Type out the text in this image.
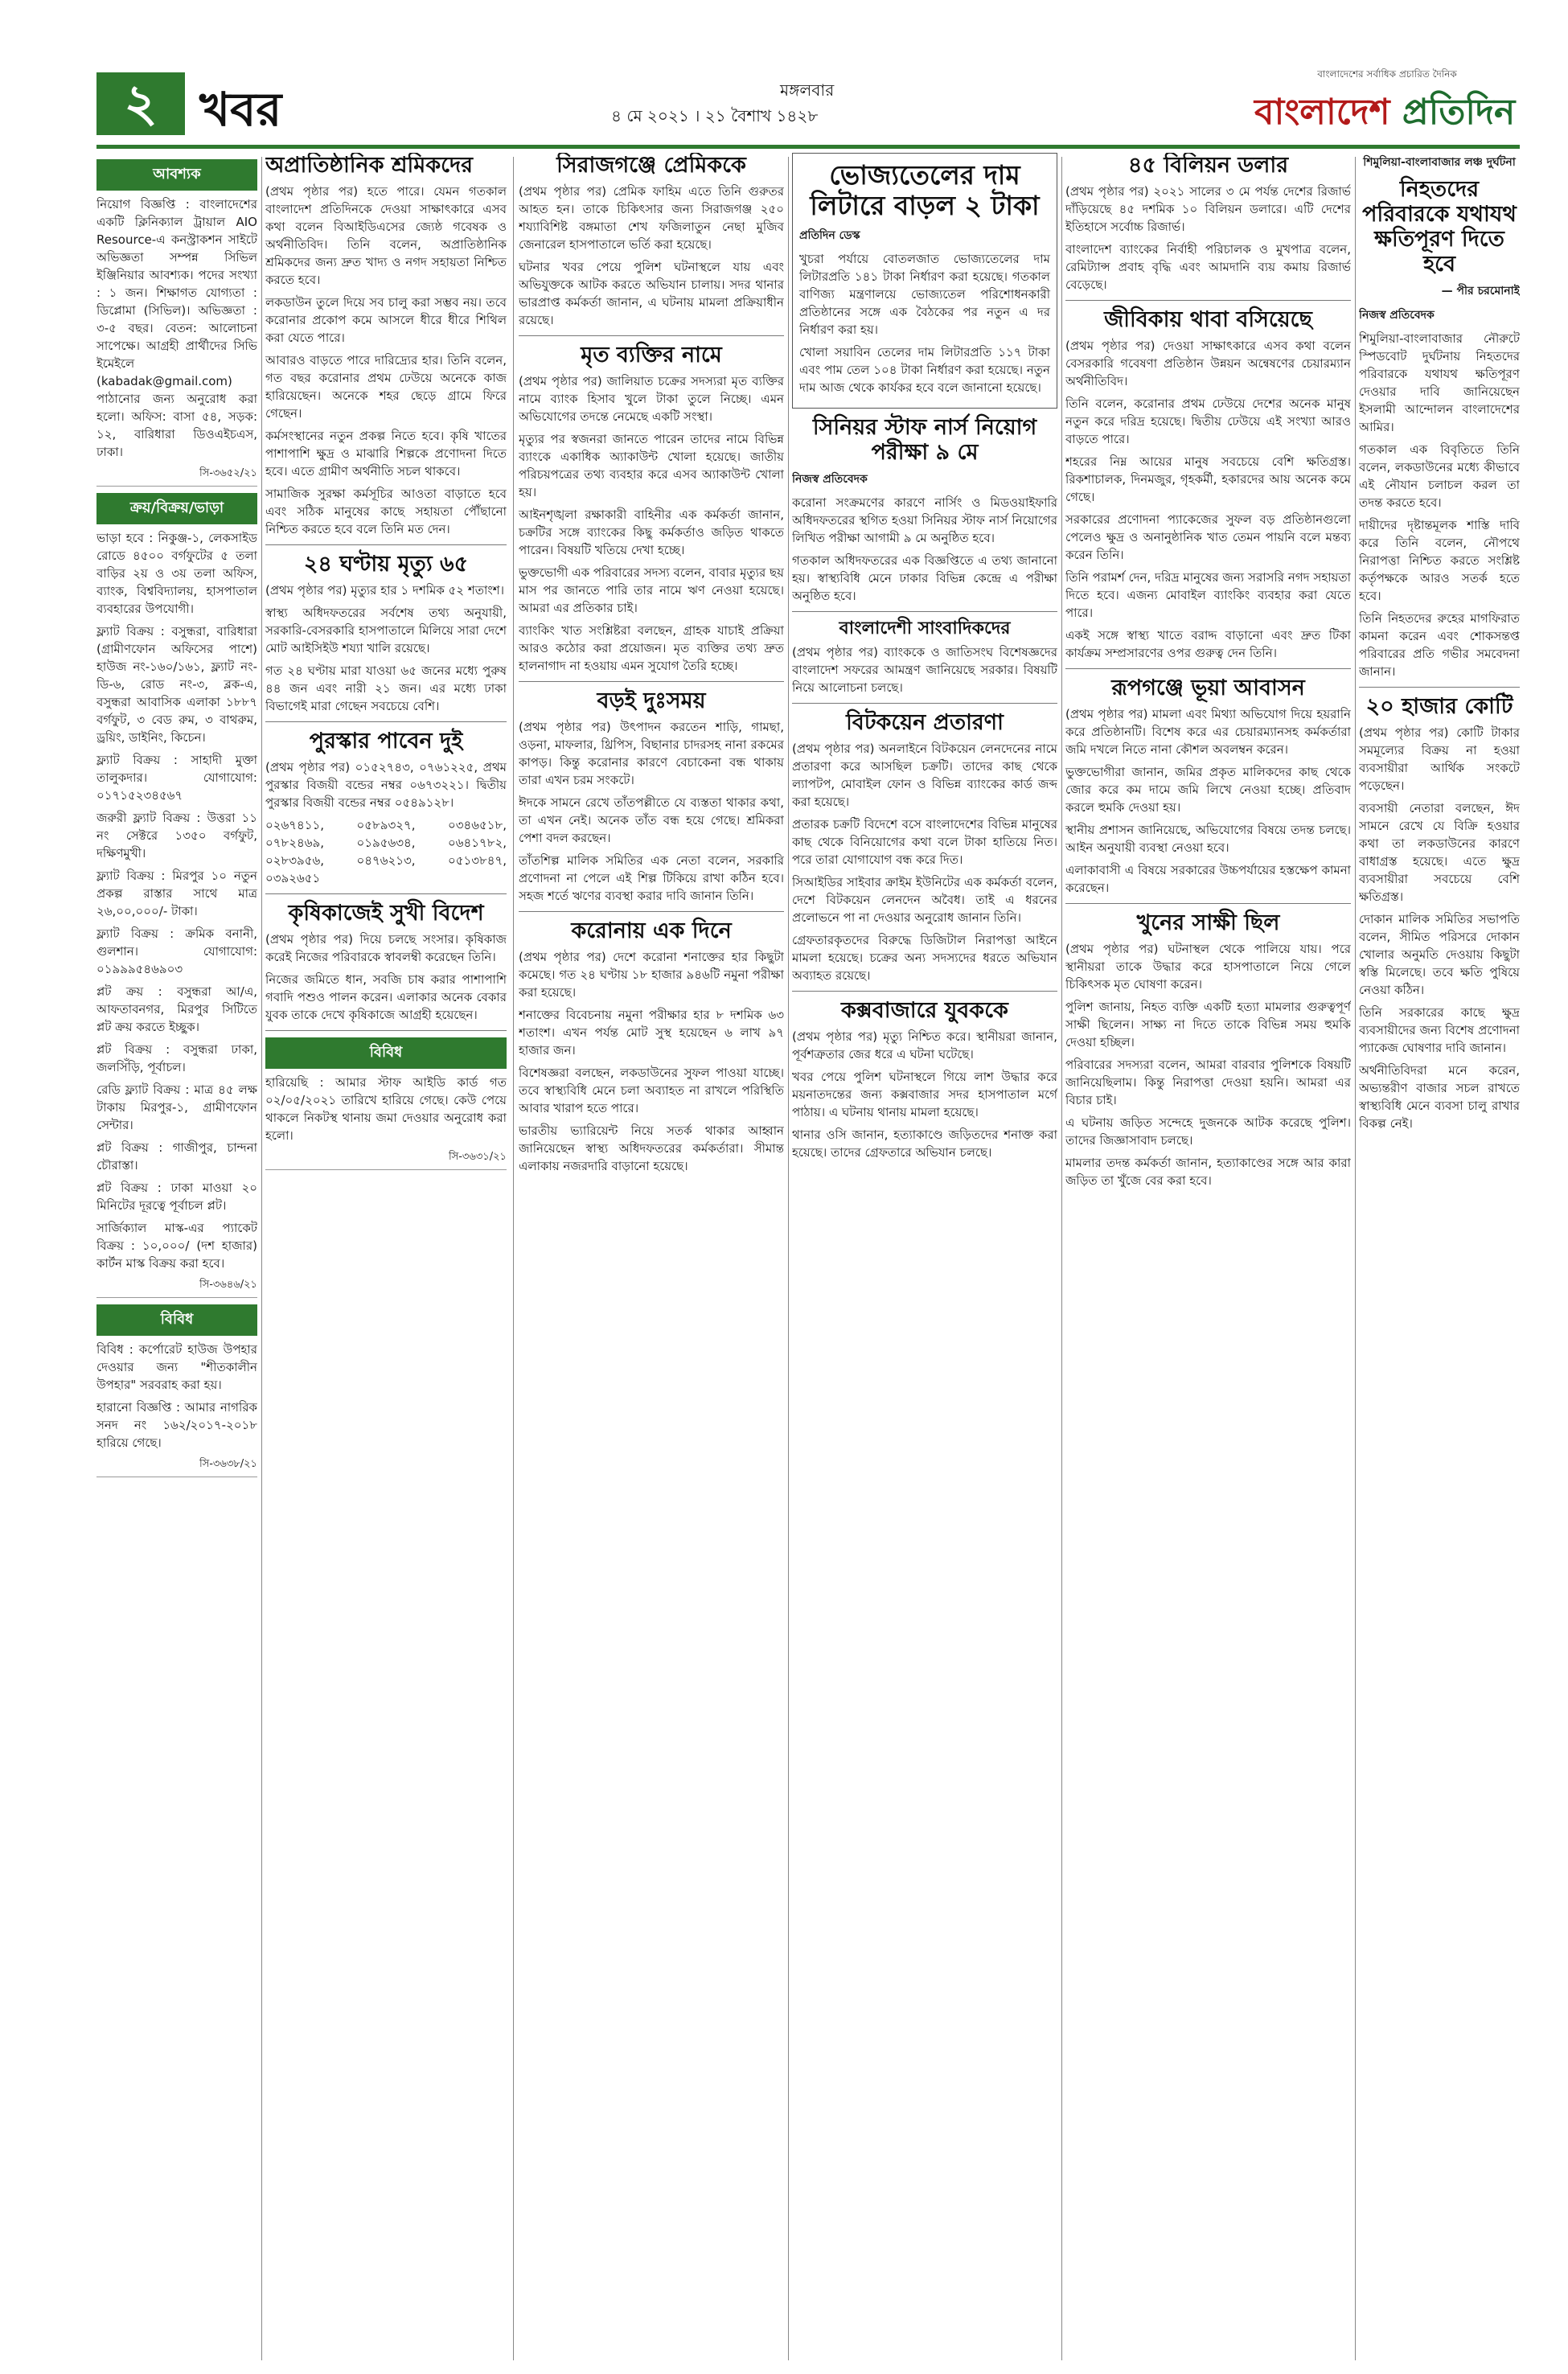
২ খবর	মঙ্গলবার
৪ মে ২০২১ । ২১ বৈশাখ ১৪২৮
বাংলাদেশের সর্বাধিক প্রচারিত দৈনিক
বাংলাদেশ প্রতিদিন
আবশ্যক

নিয়োগ বিজ্ঞপ্তি : বাংলাদেশের একটি ক্লিনিক্যাল ট্রায়াল AIO Resource-এ কনস্ট্রাকশন সাইটে অভিজ্ঞতা সম্পন্ন সিভিল ইঞ্জিনিয়ার আবশ্যক। পদের সংখ্যা : ১ জন। শিক্ষাগত যোগ্যতা : ডিপ্লোমা (সিভিল)। অভিজ্ঞতা : ৩-৫ বছর। বেতন: আলোচনা সাপেক্ষে। আগ্রহী প্রার্থীদের সিভি ইমেইলে (kabadak@gmail.com) পাঠানোর জন্য অনুরোধ করা হলো। অফিস: বাসা ৫৪, সড়ক: ১২, বারিধারা ডিওএইচএস, ঢাকা।

সি-৩৬৫২/২১
ক্রয়/বিক্রয়/ভাড়া

ভাড়া হবে : নিকুঞ্জ-১, লেকসাইড রোডে ৪৫০০ বর্গফুটের ৫ তলা বাড়ির ২য় ও ৩য় তলা অফিস, ব্যাংক, বিশ্ববিদ্যালয়, হাসপাতাল ব্যবহারের উপযোগী।

ফ্ল্যাট বিক্রয় : বসুন্ধরা, বারিধারা (গ্রামীণফোন অফিসের পাশে) হাউজ নং-১৬০/১৬১, ফ্ল্যাট নং-ডি-৬, রোড নং-৩, ব্লক-এ, বসুন্ধরা আবাসিক এলাকা ১৮৮৭ বর্গফুট, ৩ বেড রুম, ৩ বাথরুম, ড্রয়িং, ডাইনিং, কিচেন।

ফ্ল্যাট বিক্রয় : সাহাদী মুক্তা তালুকদার। যোগাযোগ: ০১৭১৫২৩৪৫৬৭

জরুরী ফ্ল্যাট বিক্রয় : উত্তরা ১১ নং সেক্টরে ১৩৫০ বর্গফুট, দক্ষিণমুখী।

ফ্ল্যাট বিক্রয় : মিরপুর ১০ নতুন প্রকল্প রাস্তার সাথে মাত্র ২৬,০০,০০০/- টাকা।

ফ্ল্যাট বিক্রয় : ক্রমিক বনানী, গুলশান। যোগাযোগ: ০১৯৯৯৫৪৬৯০৩

প্লট ক্রয় : বসুন্ধরা আ/এ, আফতাবনগর, মিরপুর সিটিতে প্লট ক্রয় করতে ইচ্ছুক।

প্লট বিক্রয় : বসুন্ধরা ঢাকা, জলসিঁড়ি, পূর্বাচল।

রেডি ফ্ল্যাট বিক্রয় : মাত্র ৪৫ লক্ষ টাকায় মিরপুর-১, গ্রামীণফোন সেন্টার।

প্লট বিক্রয় : গাজীপুর, চান্দনা চৌরাস্তা।

প্লট বিক্রয় : ঢাকা মাওয়া ২০ মিনিটের দূরত্বে পূর্বাচল প্লট।

সার্জিক্যাল মাস্ক-এর প্যাকেট বিক্রয় : ১০,০০০/ (দশ হাজার) কার্টন মাস্ক বিক্রয় করা হবে।

সি-৩৬৪৬/২১
বিবিধ

বিবিধ : কর্পোরেট হাউজ উপহার দেওয়ার জন্য "শীতকালীন উপহার" সরবরাহ করা হয়।

হারানো বিজ্ঞপ্তি : আমার নাগরিক সনদ নং ১৬২/২০১৭-২০১৮ হারিয়ে গেছে।

সি-৩৬৩৮/২১
অপ্রাতিষ্ঠানিক শ্রমিকদের

(প্রথম পৃষ্ঠার পর) হতে পারে। যেমন গতকাল বাংলাদেশ প্রতিদিনকে দেওয়া সাক্ষাৎকারে এসব কথা বলেন বিআইডিএসের জ্যেষ্ঠ গবেষক ও অর্থনীতিবিদ। তিনি বলেন, অপ্রাতিষ্ঠানিক শ্রমিকদের জন্য দ্রুত খাদ্য ও নগদ সহায়তা নিশ্চিত করতে হবে।

লকডাউন তুলে দিয়ে সব চালু করা সম্ভব নয়। তবে করোনার প্রকোপ কমে আসলে ধীরে ধীরে শিথিল করা যেতে পারে।

আবারও বাড়তে পারে দারিদ্র্যের হার। তিনি বলেন, গত বছর করোনার প্রথম ঢেউয়ে অনেকে কাজ হারিয়েছেন। অনেকে শহর ছেড়ে গ্রামে ফিরে গেছেন।

কর্মসংস্থানের নতুন প্রকল্প নিতে হবে। কৃষি খাতের পাশাপাশি ক্ষুদ্র ও মাঝারি শিল্পকে প্রণোদনা দিতে হবে। এতে গ্রামীণ অর্থনীতি সচল থাকবে।

সামাজিক সুরক্ষা কর্মসূচির আওতা বাড়াতে হবে এবং সঠিক মানুষের কাছে সহায়তা পৌঁছানো নিশ্চিত করতে হবে বলে তিনি মত দেন।

২৪ ঘণ্টায় মৃত্যু ৬৫

(প্রথম পৃষ্ঠার পর) মৃত্যুর হার ১ দশমিক ৫২ শতাংশ।

স্বাস্থ্য অধিদফতরের সর্বশেষ তথ্য অনুযায়ী, সরকারি-বেসরকারি হাসপাতালে মিলিয়ে সারা দেশে মোট আইসিইউ শয্যা খালি রয়েছে।

গত ২৪ ঘণ্টায় মারা যাওয়া ৬৫ জনের মধ্যে পুরুষ ৪৪ জন এবং নারী ২১ জন। এর মধ্যে ঢাকা বিভাগেই মারা গেছেন সবচেয়ে বেশি।

পুরস্কার পাবেন দুই

(প্রথম পৃষ্ঠার পর) ০১৫২৭৪৩, ০৭৬১২২৫, প্রথম পুরস্কার বিজয়ী বন্ডের নম্বর ০৬৭৩২২১। দ্বিতীয় পুরস্কার বিজয়ী বন্ডের নম্বর ০৫৪৯১২৮।

০২৬৭৪১১, ০৫৮৯৩২৭, ০৩৪৬৫১৮, ০৭৮২৪৬৯, ০১৯৫৬৩৪, ০৬৪১৭৮২, ০২৮৩৯৫৬, ০৪৭৬২১৩, ০৫১৩৮৪৭, ০৩৯২৬৫১

কৃষিকাজেই সুখী বিদেশ

(প্রথম পৃষ্ঠার পর) দিয়ে চলছে সংসার। কৃষিকাজ করেই নিজের পরিবারকে স্বাবলম্বী করেছেন তিনি।

নিজের জমিতে ধান, সবজি চাষ করার পাশাপাশি গবাদি পশুও পালন করেন। এলাকার অনেক বেকার যুবক তাকে দেখে কৃষিকাজে আগ্রহী হয়েছেন।

বিবিধ

হারিয়েছি : আমার স্টাফ আইডি কার্ড গত ০২/০৫/২০২১ তারিখে হারিয়ে গেছে। কেউ পেয়ে থাকলে নিকটস্থ থানায় জমা দেওয়ার অনুরোধ করা হলো।

সি-৩৬৩১/২১
সিরাজগঞ্জে প্রেমিককে

(প্রথম পৃষ্ঠার পর) প্রেমিক ফাহিম এতে তিনি গুরুতর আহত হন। তাকে চিকিৎসার জন্য সিরাজগঞ্জ ২৫০ শয্যাবিশিষ্ট বঙ্গমাতা শেখ ফজিলাতুন নেছা মুজিব জেনারেল হাসপাতালে ভর্তি করা হয়েছে।

ঘটনার খবর পেয়ে পুলিশ ঘটনাস্থলে যায় এবং অভিযুক্তকে আটক করতে অভিযান চালায়। সদর থানার ভারপ্রাপ্ত কর্মকর্তা জানান, এ ঘটনায় মামলা প্রক্রিয়াধীন রয়েছে।

মৃত ব্যক্তির নামে

(প্রথম পৃষ্ঠার পর) জালিয়াত চক্রের সদস্যরা মৃত ব্যক্তির নামে ব্যাংক হিসাব খুলে টাকা তুলে নিচ্ছে। এমন অভিযোগের তদন্তে নেমেছে একটি সংস্থা।

মৃত্যুর পর স্বজনরা জানতে পারেন তাদের নামে বিভিন্ন ব্যাংকে একাধিক অ্যাকাউন্ট খোলা হয়েছে। জাতীয় পরিচয়পত্রের তথ্য ব্যবহার করে এসব অ্যাকাউন্ট খোলা হয়।

আইনশৃঙ্খলা রক্ষাকারী বাহিনীর এক কর্মকর্তা জানান, চক্রটির সঙ্গে ব্যাংকের কিছু কর্মকর্তাও জড়িত থাকতে পারেন। বিষয়টি খতিয়ে দেখা হচ্ছে।

ভুক্তভোগী এক পরিবারের সদস্য বলেন, বাবার মৃত্যুর ছয় মাস পর জানতে পারি তার নামে ঋণ নেওয়া হয়েছে। আমরা এর প্রতিকার চাই।

ব্যাংকিং খাত সংশ্লিষ্টরা বলছেন, গ্রাহক যাচাই প্রক্রিয়া আরও কঠোর করা প্রয়োজন। মৃত ব্যক্তির তথ্য দ্রুত হালনাগাদ না হওয়ায় এমন সুযোগ তৈরি হচ্ছে।

বড়ই দুঃসময়

(প্রথম পৃষ্ঠার পর) উৎপাদন করতেন শাড়ি, গামছা, ওড়না, মাফলার, থ্রিপিস, বিছানার চাদরসহ নানা রকমের কাপড়। কিন্তু করোনার কারণে বেচাকেনা বন্ধ থাকায় তারা এখন চরম সংকটে।

ঈদকে সামনে রেখে তাঁতপল্লীতে যে ব্যস্ততা থাকার কথা, তা এখন নেই। অনেক তাঁত বন্ধ হয়ে গেছে। শ্রমিকরা পেশা বদল করছেন।

তাঁতশিল্প মালিক সমিতির এক নেতা বলেন, সরকারি প্রণোদনা না পেলে এই শিল্প টিকিয়ে রাখা কঠিন হবে। সহজ শর্তে ঋণের ব্যবস্থা করার দাবি জানান তিনি।

করোনায় এক দিনে

(প্রথম পৃষ্ঠার পর) দেশে করোনা শনাক্তের হার কিছুটা কমেছে। গত ২৪ ঘণ্টায় ১৮ হাজার ৯৪৬টি নমুনা পরীক্ষা করা হয়েছে।

শনাক্তের বিবেচনায় নমুনা পরীক্ষার হার ৮ দশমিক ৬৩ শতাংশ। এখন পর্যন্ত মোট সুস্থ হয়েছেন ৬ লাখ ৯৭ হাজার জন।

বিশেষজ্ঞরা বলছেন, লকডাউনের সুফল পাওয়া যাচ্ছে। তবে স্বাস্থ্যবিধি মেনে চলা অব্যাহত না রাখলে পরিস্থিতি আবার খারাপ হতে পারে।

ভারতীয় ভ্যারিয়েন্ট নিয়ে সতর্ক থাকার আহ্বান জানিয়েছেন স্বাস্থ্য অধিদফতরের কর্মকর্তারা। সীমান্ত এলাকায় নজরদারি বাড়ানো হয়েছে।

ভোজ্যতেলের দাম লিটারে বাড়ল ২ টাকা
প্রতিদিন ডেস্ক

খুচরা পর্যায়ে বোতলজাত ভোজ্যতেলের দাম লিটারপ্রতি ১৪১ টাকা নির্ধারণ করা হয়েছে। গতকাল বাণিজ্য মন্ত্রণালয়ে ভোজ্যতেল পরিশোধনকারী প্রতিষ্ঠানের সঙ্গে এক বৈঠকের পর নতুন এ দর নির্ধারণ করা হয়।

খোলা সয়াবিন তেলের দাম লিটারপ্রতি ১১৭ টাকা এবং পাম তেল ১০৪ টাকা নির্ধারণ করা হয়েছে। নতুন দাম আজ থেকে কার্যকর হবে বলে জানানো হয়েছে।

সিনিয়র স্টাফ নার্স নিয়োগ পরীক্ষা ৯ মে
নিজস্ব প্রতিবেদক

করোনা সংক্রমণের কারণে নার্সিং ও মিডওয়াইফারি অধিদফতরের স্থগিত হওয়া সিনিয়র স্টাফ নার্স নিয়োগের লিখিত পরীক্ষা আগামী ৯ মে অনুষ্ঠিত হবে।

গতকাল অধিদফতরের এক বিজ্ঞপ্তিতে এ তথ্য জানানো হয়। স্বাস্থ্যবিধি মেনে ঢাকার বিভিন্ন কেন্দ্রে এ পরীক্ষা অনুষ্ঠিত হবে।

বাংলাদেশী সাংবাদিকদের

(প্রথম পৃষ্ঠার পর) ব্যাংককে ও জাতিসংঘ বিশেষজ্ঞদের বাংলাদেশ সফরের আমন্ত্রণ জানিয়েছে সরকার। বিষয়টি নিয়ে আলোচনা চলছে।

বিটকয়েন প্রতারণা

(প্রথম পৃষ্ঠার পর) অনলাইনে বিটকয়েন লেনদেনের নামে প্রতারণা করে আসছিল চক্রটি। তাদের কাছ থেকে ল্যাপটপ, মোবাইল ফোন ও বিভিন্ন ব্যাংকের কার্ড জব্দ করা হয়েছে।

প্রতারক চক্রটি বিদেশে বসে বাংলাদেশের বিভিন্ন মানুষের কাছ থেকে বিনিয়োগের কথা বলে টাকা হাতিয়ে নিত। পরে তারা যোগাযোগ বন্ধ করে দিত।

সিআইডির সাইবার ক্রাইম ইউনিটের এক কর্মকর্তা বলেন, দেশে বিটকয়েন লেনদেন অবৈধ। তাই এ ধরনের প্রলোভনে পা না দেওয়ার অনুরোধ জানান তিনি।

গ্রেফতারকৃতদের বিরুদ্ধে ডিজিটাল নিরাপত্তা আইনে মামলা হয়েছে। চক্রের অন্য সদস্যদের ধরতে অভিযান অব্যাহত রয়েছে।

কক্সবাজারে যুবককে

(প্রথম পৃষ্ঠার পর) মৃত্যু নিশ্চিত করে। স্থানীয়রা জানান, পূর্বশত্রুতার জের ধরে এ ঘটনা ঘটেছে।

খবর পেয়ে পুলিশ ঘটনাস্থলে গিয়ে লাশ উদ্ধার করে ময়নাতদন্তের জন্য কক্সবাজার সদর হাসপাতাল মর্গে পাঠায়। এ ঘটনায় থানায় মামলা হয়েছে।

থানার ওসি জানান, হত্যাকাণ্ডে জড়িতদের শনাক্ত করা হয়েছে। তাদের গ্রেফতারে অভিযান চলছে।

৪৫ বিলিয়ন ডলার

(প্রথম পৃষ্ঠার পর) ২০২১ সালের ৩ মে পর্যন্ত দেশের রিজার্ভ দাঁড়িয়েছে ৪৫ দশমিক ১০ বিলিয়ন ডলারে। এটি দেশের ইতিহাসে সর্বোচ্চ রিজার্ভ।

বাংলাদেশ ব্যাংকের নির্বাহী পরিচালক ও মুখপাত্র বলেন, রেমিট্যান্স প্রবাহ বৃদ্ধি এবং আমদানি ব্যয় কমায় রিজার্ভ বেড়েছে।

জীবিকায় থাবা বসিয়েছে

(প্রথম পৃষ্ঠার পর) দেওয়া সাক্ষাৎকারে এসব কথা বলেন বেসরকারি গবেষণা প্রতিষ্ঠান উন্নয়ন অন্বেষণের চেয়ারম্যান অর্থনীতিবিদ।

তিনি বলেন, করোনার প্রথম ঢেউয়ে দেশের অনেক মানুষ নতুন করে দরিদ্র হয়েছে। দ্বিতীয় ঢেউয়ে এই সংখ্যা আরও বাড়তে পারে।

শহরের নিম্ন আয়ের মানুষ সবচেয়ে বেশি ক্ষতিগ্রস্ত। রিকশাচালক, দিনমজুর, গৃহকর্মী, হকারদের আয় অনেক কমে গেছে।

সরকারের প্রণোদনা প্যাকেজের সুফল বড় প্রতিষ্ঠানগুলো পেলেও ক্ষুদ্র ও অনানুষ্ঠানিক খাত তেমন পায়নি বলে মন্তব্য করেন তিনি।

তিনি পরামর্শ দেন, দরিদ্র মানুষের জন্য সরাসরি নগদ সহায়তা দিতে হবে। এজন্য মোবাইল ব্যাংকিং ব্যবহার করা যেতে পারে।

একই সঙ্গে স্বাস্থ্য খাতে বরাদ্দ বাড়ানো এবং দ্রুত টিকা কার্যক্রম সম্প্রসারণের ওপর গুরুত্ব দেন তিনি।

রূপগঞ্জে ভূয়া আবাসন

(প্রথম পৃষ্ঠার পর) মামলা এবং মিথ্যা অভিযোগ দিয়ে হয়রানি করে প্রতিষ্ঠানটি। বিশেষ করে এর চেয়ারম্যানসহ কর্মকর্তারা জমি দখলে নিতে নানা কৌশল অবলম্বন করেন।

ভুক্তভোগীরা জানান, জমির প্রকৃত মালিকদের কাছ থেকে জোর করে কম দামে জমি লিখে নেওয়া হচ্ছে। প্রতিবাদ করলে হুমকি দেওয়া হয়।

স্থানীয় প্রশাসন জানিয়েছে, অভিযোগের বিষয়ে তদন্ত চলছে। আইন অনুযায়ী ব্যবস্থা নেওয়া হবে।

এলাকাবাসী এ বিষয়ে সরকারের উচ্চপর্যায়ের হস্তক্ষেপ কামনা করেছেন।

খুনের সাক্ষী ছিল

(প্রথম পৃষ্ঠার পর) ঘটনাস্থল থেকে পালিয়ে যায়। পরে স্থানীয়রা তাকে উদ্ধার করে হাসপাতালে নিয়ে গেলে চিকিৎসক মৃত ঘোষণা করেন।

পুলিশ জানায়, নিহত ব্যক্তি একটি হত্যা মামলার গুরুত্বপূর্ণ সাক্ষী ছিলেন। সাক্ষ্য না দিতে তাকে বিভিন্ন সময় হুমকি দেওয়া হচ্ছিল।

পরিবারের সদস্যরা বলেন, আমরা বারবার পুলিশকে বিষয়টি জানিয়েছিলাম। কিন্তু নিরাপত্তা দেওয়া হয়নি। আমরা এর বিচার চাই।

এ ঘটনায় জড়িত সন্দেহে দুজনকে আটক করেছে পুলিশ। তাদের জিজ্ঞাসাবাদ চলছে।

মামলার তদন্ত কর্মকর্তা জানান, হত্যাকাণ্ডের সঙ্গে আর কারা জড়িত তা খুঁজে বের করা হবে।

শিমুলিয়া-বাংলাবাজার লঞ্চ দুর্ঘটনা
নিহতদের পরিবারকে যথাযথ ক্ষতিপূরণ দিতে হবে
— পীর চরমোনাই
নিজস্ব প্রতিবেদক

শিমুলিয়া-বাংলাবাজার নৌরুটে স্পিডবোট দুর্ঘটনায় নিহতদের পরিবারকে যথাযথ ক্ষতিপূরণ দেওয়ার দাবি জানিয়েছেন ইসলামী আন্দোলন বাংলাদেশের আমির।

গতকাল এক বিবৃতিতে তিনি বলেন, লকডাউনের মধ্যে কীভাবে এই নৌযান চলাচল করল তা তদন্ত করতে হবে।

দায়ীদের দৃষ্টান্তমূলক শাস্তি দাবি করে তিনি বলেন, নৌপথে নিরাপত্তা নিশ্চিত করতে সংশ্লিষ্ট কর্তৃপক্ষকে আরও সতর্ক হতে হবে।

তিনি নিহতদের রুহের মাগফিরাত কামনা করেন এবং শোকসন্তপ্ত পরিবারের প্রতি গভীর সমবেদনা জানান।

২০ হাজার কোটি

(প্রথম পৃষ্ঠার পর) কোটি টাকার সমমূল্যের বিক্রয় না হওয়া ব্যবসায়ীরা আর্থিক সংকটে পড়েছেন।

ব্যবসায়ী নেতারা বলছেন, ঈদ সামনে রেখে যে বিক্রি হওয়ার কথা তা লকডাউনের কারণে বাধাগ্রস্ত হয়েছে। এতে ক্ষুদ্র ব্যবসায়ীরা সবচেয়ে বেশি ক্ষতিগ্রস্ত।

দোকান মালিক সমিতির সভাপতি বলেন, সীমিত পরিসরে দোকান খোলার অনুমতি দেওয়ায় কিছুটা স্বস্তি মিলেছে। তবে ক্ষতি পুষিয়ে নেওয়া কঠিন।

তিনি সরকারের কাছে ক্ষুদ্র ব্যবসায়ীদের জন্য বিশেষ প্রণোদনা প্যাকেজ ঘোষণার দাবি জানান।

অর্থনীতিবিদরা মনে করেন, অভ্যন্তরীণ বাজার সচল রাখতে স্বাস্থ্যবিধি মেনে ব্যবসা চালু রাখার বিকল্প নেই।
